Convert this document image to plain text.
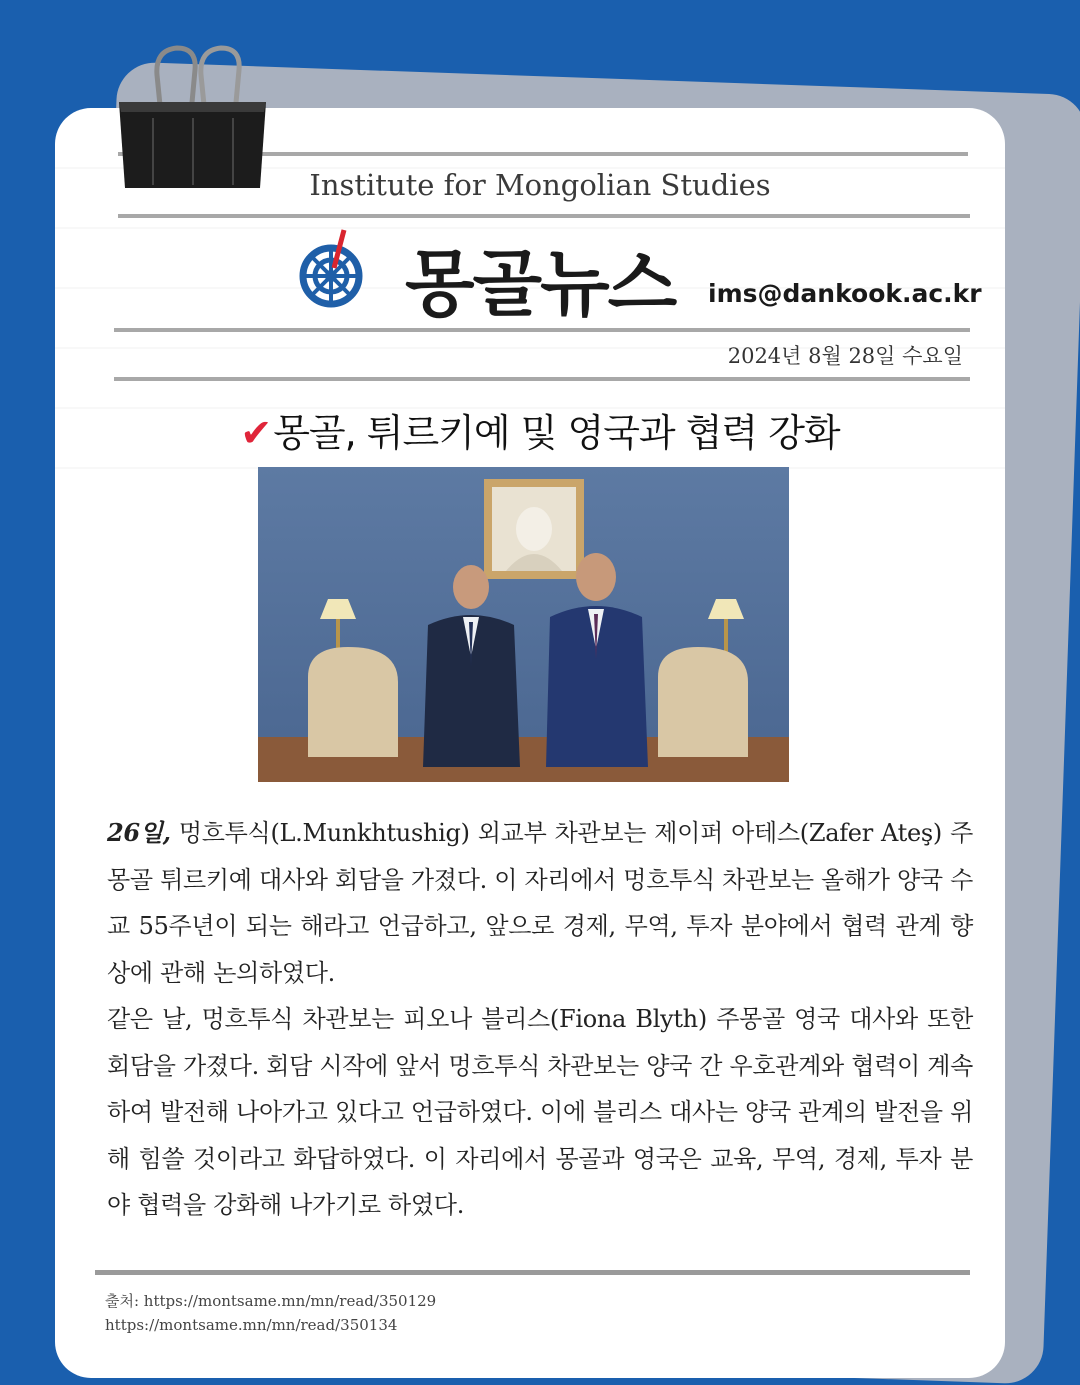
Institute for Mongolian Studies
몽골뉴스 ims@dankook.ac.kr
2024년 8월 28일 수요일
✔몽골, 튀르키예 및 영국과 협력 강화

26일, 멍흐투식(L.Munkhtushig) 외교부 차관보는 제이퍼 아테스(Zafer Ateş) 주몽골 튀르키예 대사와 회담을 가졌다. 이 자리에서 멍흐투식 차관보는 올해가 양국 수교 55주년이 되는 해라고 언급하고, 앞으로 경제, 무역, 투자 분야에서 협력 관계 향상에 관해 논의하였다.

같은 날, 멍흐투식 차관보는 피오나 블리스(Fiona Blyth) 주몽골 영국 대사와 또한 회담을 가졌다. 회담 시작에 앞서 멍흐투식 차관보는 양국 간 우호관계와 협력이 계속하여 발전해 나아가고 있다고 언급하였다. 이에 블리스 대사는 양국 관계의 발전을 위해 힘쓸 것이라고 화답하였다. 이 자리에서 몽골과 영국은 교육, 무역, 경제, 투자 분야 협력을 강화해 나가기로 하였다.

출처: https://montsame.mn/mn/read/350129
https://montsame.mn/mn/read/350134
